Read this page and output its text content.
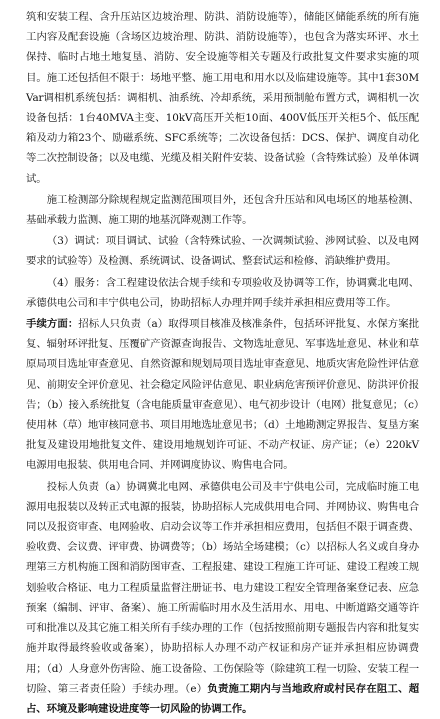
筑和安装工程、含升压站区边坡治理、防洪、消防设施等），储能区储能系统的所有施工内容及配套设施（含场区边坡治理、防洪、消防设施等），也包含为落实环评、水土保持、临时占地土地复垦、消防、安全设施等相关专题及行政批复文件要求实施的项目。施工还包括但不限于：场地平整、施工用电和用水以及临建设施等。其中1套30MVar调相机系统包括：调相机、油系统、冷却系统，采用预制舱布置方式，调相机一次设备包括：1台40MVA主变、10kV高压开关柜10面、400V低压开关柜5个、低压配箱及动力箱23个、励磁系统、SFC系统等；二次设备包括：DCS、保护、调度自动化等二次控制设备；以及电缆、光缆及相关附件安装、设备试验（含特殊试验）及单体调试。

施工检测部分除规程规定监测范围项目外，还包含升压站和风电场区的地基检测、基础承载力监测、施工期的地基沉降观测工作等。

（3）调试：项目调试、试验（含特殊试验、一次调频试验、涉网试验、以及电网要求的试验等）及检测、系统调试、设备调试、整套试运和检修、消缺维护费用。

（4）服务：含工程建设依法合规手续和专项验收及协调等工作，协调冀北电网、承德供电公司和丰宁供电公司，协助招标人办理并网手续并承担相应费用等工作。

手续方面：招标人只负责（a）取得项目核准及核准条件，包括环评批复、水保方案批复、辐射环评批复、压覆矿产资源查询报告、文物选址意见、军事选址意见、林业和草原局项目选址审查意见、自然资源和规划局项目选址审查意见、地质灾害危险性评估意见、前期安全评价意见、社会稳定风险评估意见、职业病危害预评价意见、防洪评价报告；（b）接入系统批复（含电能质量审查意见）、电气初步设计（电网）批复意见；（c）使用林（草）地审核同意书、项目用地选址意见书；（d）土地勘测定界报告、复垦方案批复及建设用地批复文件、建设用地规划许可证、不动产权证、房产证；（e）220kV电源用电报装、供用电合同、并网调度协议、购售电合同。

投标人负责（a）协调冀北电网、承德供电公司及丰宁供电公司，完成临时施工电源用电报装以及转正式电源的报装，协助招标人完成供用电合同、并网协议、购售电合同以及报资审查、电网验收、启动会议等工作并承担相应费用，包括但不限于调查费、验收费、会议费、评审费、协调费等；（b）场站全场建模；（c）以招标人名义或自身办理第三方机构施工图和消防图审查、工程报建、建设工程施工许可证、建设工程竣工规划验收合格证、电力工程质量监督注册证书、电力建设工程安全管理备案登记表、应急预案（编制、评审、备案）、施工所需临时用水及生活用水、用电、中断道路交通等许可和批准以及其它施工相关所有手续办理的工作（包括按照前期专题报告内容和批复实施并取得最终验收或备案），协助招标人办理不动产权证和房产证并承担相应协调费用；（d）人身意外伤害险、施工设备险、工伤保险等（除建筑工程一切险、安装工程一切险、第三者责任险）手续办理。（e）负责施工期内与当地政府或村民存在阻工、超占、环境及影响建设进度等一切风险的协调工作。
